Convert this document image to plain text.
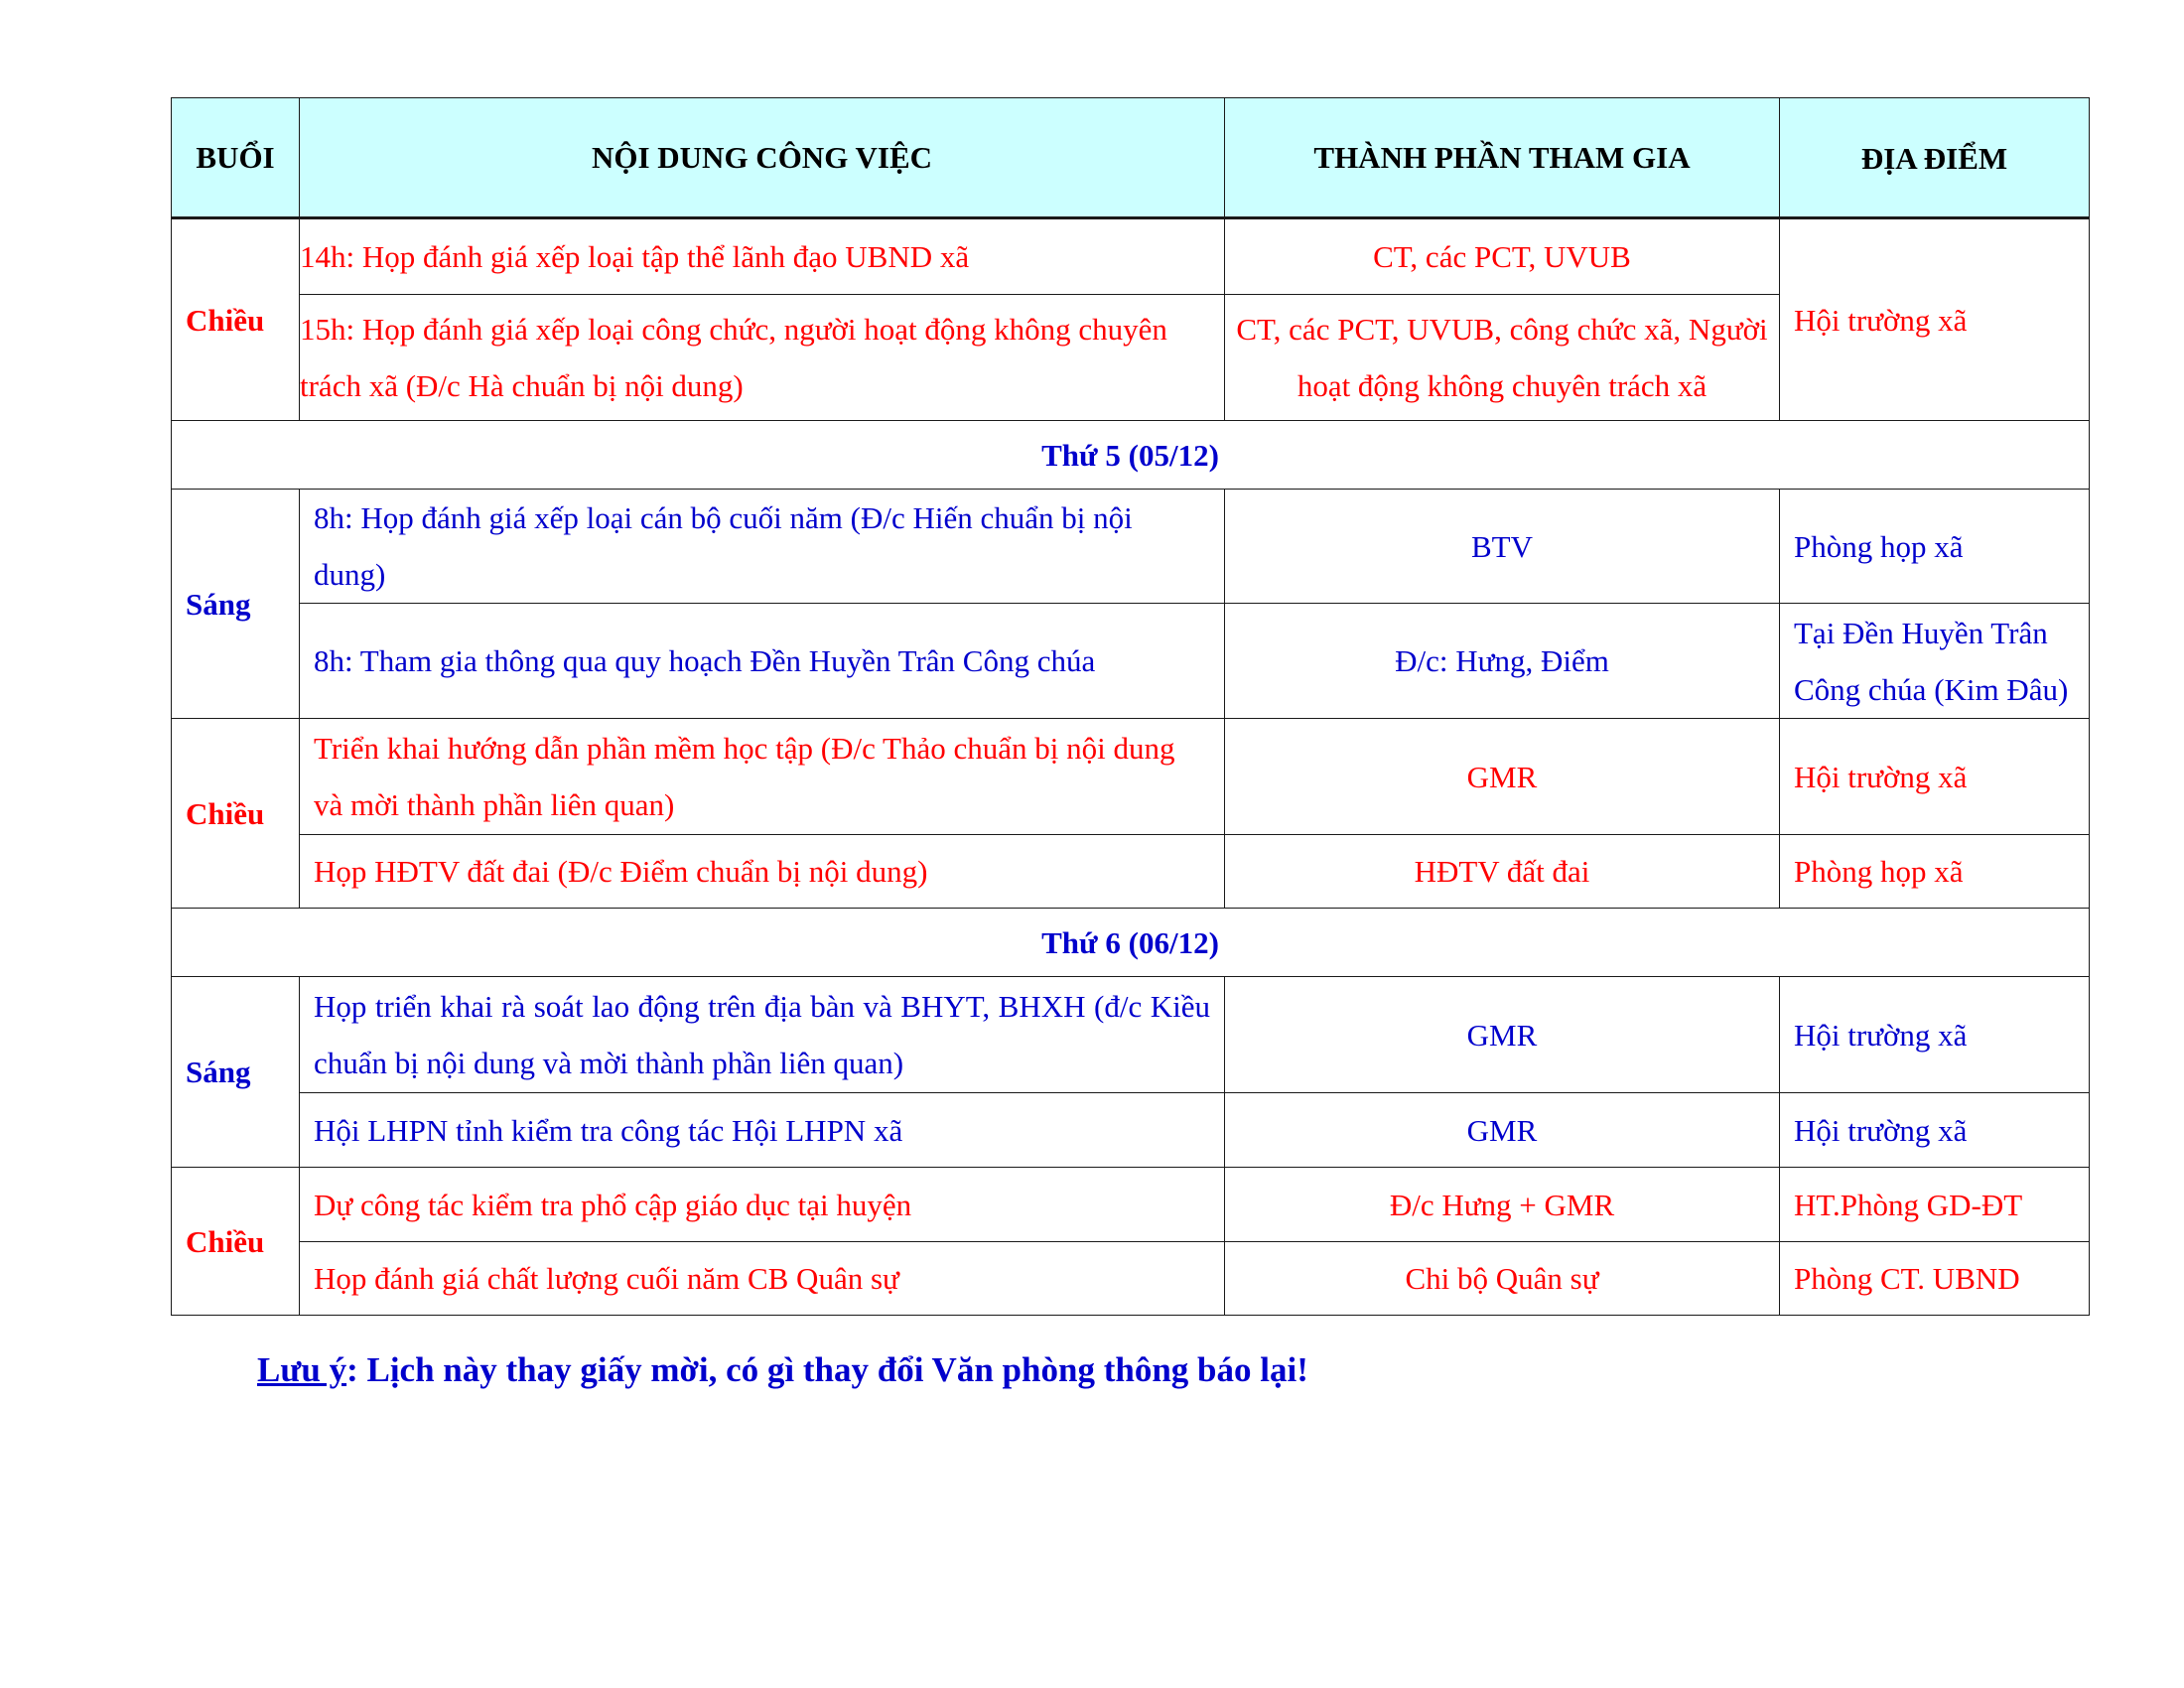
BUỔI	NỘI DUNG CÔNG VIỆC	THÀNH PHẦN THAM GIA	ĐỊA ĐIỂM
Chiều	14h: Họp đánh giá xếp loại tập thể lãnh đạo UBND xã	CT, các PCT, UVUB	Hội trường xã
	15h: Họp đánh giá xếp loại công chức, người hoạt động không chuyên trách xã (Đ/c Hà chuẩn bị nội dung)	CT, các PCT, UVUB, công chức xã, Người hoạt động không chuyên trách xã	
Thứ 5 (05/12)			
Sáng	8h: Họp đánh giá xếp loại cán bộ cuối năm (Đ/c Hiến chuẩn bị nội dung)	BTV	Phòng họp xã
	8h: Tham gia thông qua quy hoạch Đền Huyền Trân Công chúa	Đ/c: Hưng, Điểm	Tại Đền Huyền Trân Công chúa (Kim Đâu)
Chiều	Triển khai hướng dẫn phần mềm học tập (Đ/c Thảo chuẩn bị nội dung và mời thành phần liên quan)	GMR	Hội trường xã
	Họp HĐTV đất đai (Đ/c Điểm chuẩn bị nội dung)	HĐTV đất đai	Phòng họp xã
Thứ 6 (06/12)			
Sáng	Họp triển khai rà soát lao động trên địa bàn và BHYT, BHXH (đ/c Kiều chuẩn bị nội dung và mời thành phần liên quan)	GMR	Hội trường xã
	Hội LHPN tỉnh kiểm tra công tác Hội LHPN xã	GMR	Hội trường xã
Chiều	Dự công tác kiểm tra phổ cập giáo dục tại huyện	Đ/c Hưng + GMR	HT.Phòng GD-ĐT
	Họp đánh giá chất lượng cuối năm CB Quân sự	Chi bộ Quân sự	Phòng CT. UBND
Lưu ý: Lịch này thay giấy mời, có gì thay đổi Văn phòng thông báo lại!
